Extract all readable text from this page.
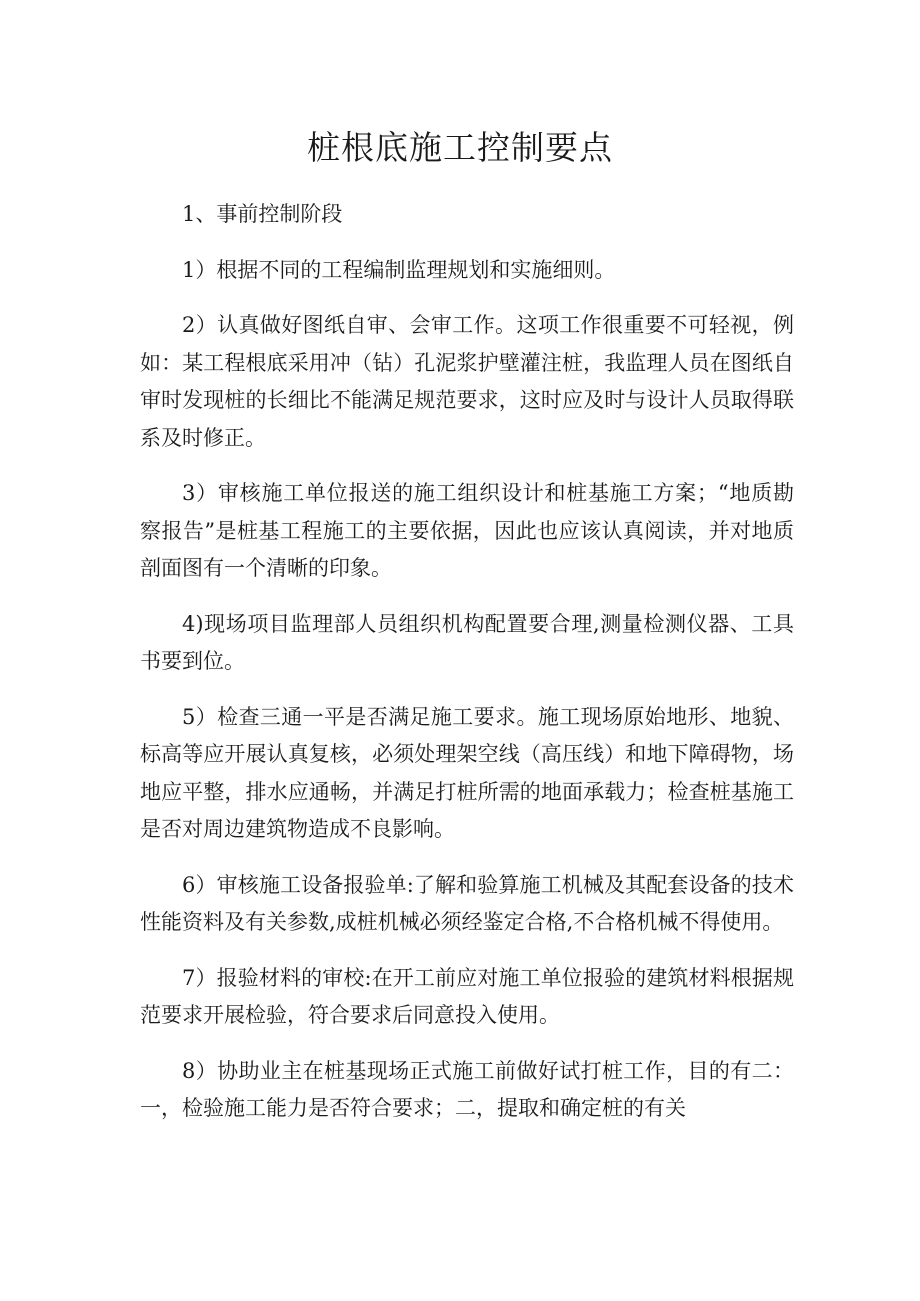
桩根底施工控制要点

1、事前控制阶段

1）根据不同的工程编制监理规划和实施细则。

2）认真做好图纸自审、会审工作。这项工作很重要不可轻视，例如：某工程根底采用冲（钻）孔泥浆护壁灌注桩，我监理人员在图纸自审时发现桩的长细比不能满足规范要求，这时应及时与设计人员取得联系及时修正。

3）审核施工单位报送的施工组织设计和桩基施工方案；“地质勘察报告”是桩基工程施工的主要依据，因此也应该认真阅读，并对地质剖面图有一个清晰的印象。

4)现场项目监理部人员组织机构配置要合理,测量检测仪器、工具书要到位。

5）检查三通一平是否满足施工要求。施工现场原始地形、地貌、标高等应开展认真复核，必须处理架空线（高压线）和地下障碍物，场地应平整，排水应通畅，并满足打桩所需的地面承载力；检查桩基施工是否对周边建筑物造成不良影响。

6）审核施工设备报验单:了解和验算施工机械及其配套设备的技术性能资料及有关参数,成桩机械必须经鉴定合格,不合格机械不得使用。

7）报验材料的审校:在开工前应对施工单位报验的建筑材料根据规范要求开展检验，符合要求后同意投入使用。

8）协助业主在桩基现场正式施工前做好试打桩工作，目的有二：一，检验施工能力是否符合要求；二，提取和确定桩的有关
